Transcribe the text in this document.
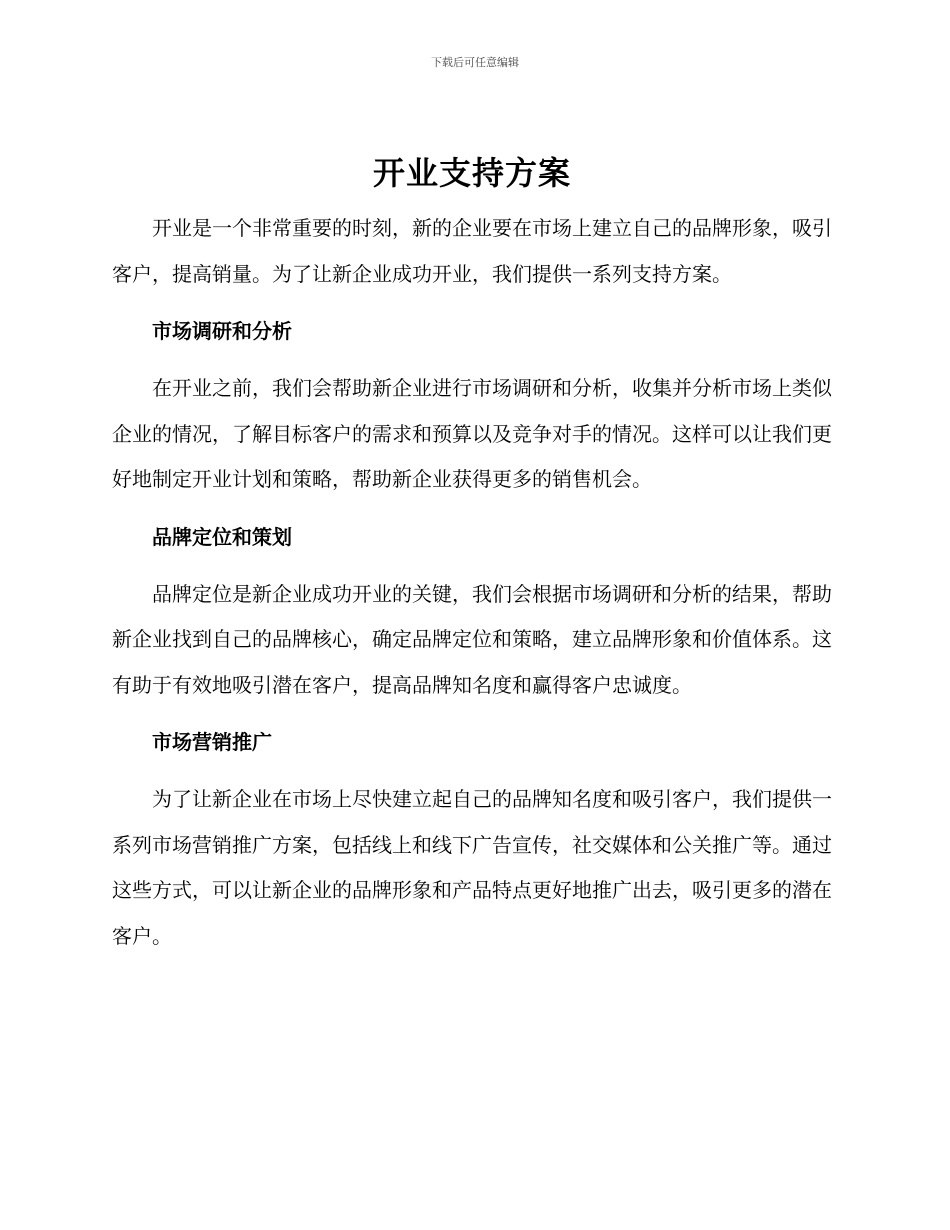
下载后可任意编辑
开业支持方案

开业是一个非常重要的时刻，新的企业要在市场上建立自己的品牌形象，吸引客户，提高销量。为了让新企业成功开业，我们提供一系列支持方案。

市场调研和分析

在开业之前，我们会帮助新企业进行市场调研和分析，收集并分析市场上类似企业的情况，了解目标客户的需求和预算以及竞争对手的情况。这样可以让我们更好地制定开业计划和策略，帮助新企业获得更多的销售机会。

品牌定位和策划

品牌定位是新企业成功开业的关键，我们会根据市场调研和分析的结果，帮助新企业找到自己的品牌核心，确定品牌定位和策略，建立品牌形象和价值体系。这有助于有效地吸引潜在客户，提高品牌知名度和赢得客户忠诚度。

市场营销推广

为了让新企业在市场上尽快建立起自己的品牌知名度和吸引客户，我们提供一系列市场营销推广方案，包括线上和线下广告宣传，社交媒体和公关推广等。通过这些方式，可以让新企业的品牌形象和产品特点更好地推广出去，吸引更多的潜在客户。
